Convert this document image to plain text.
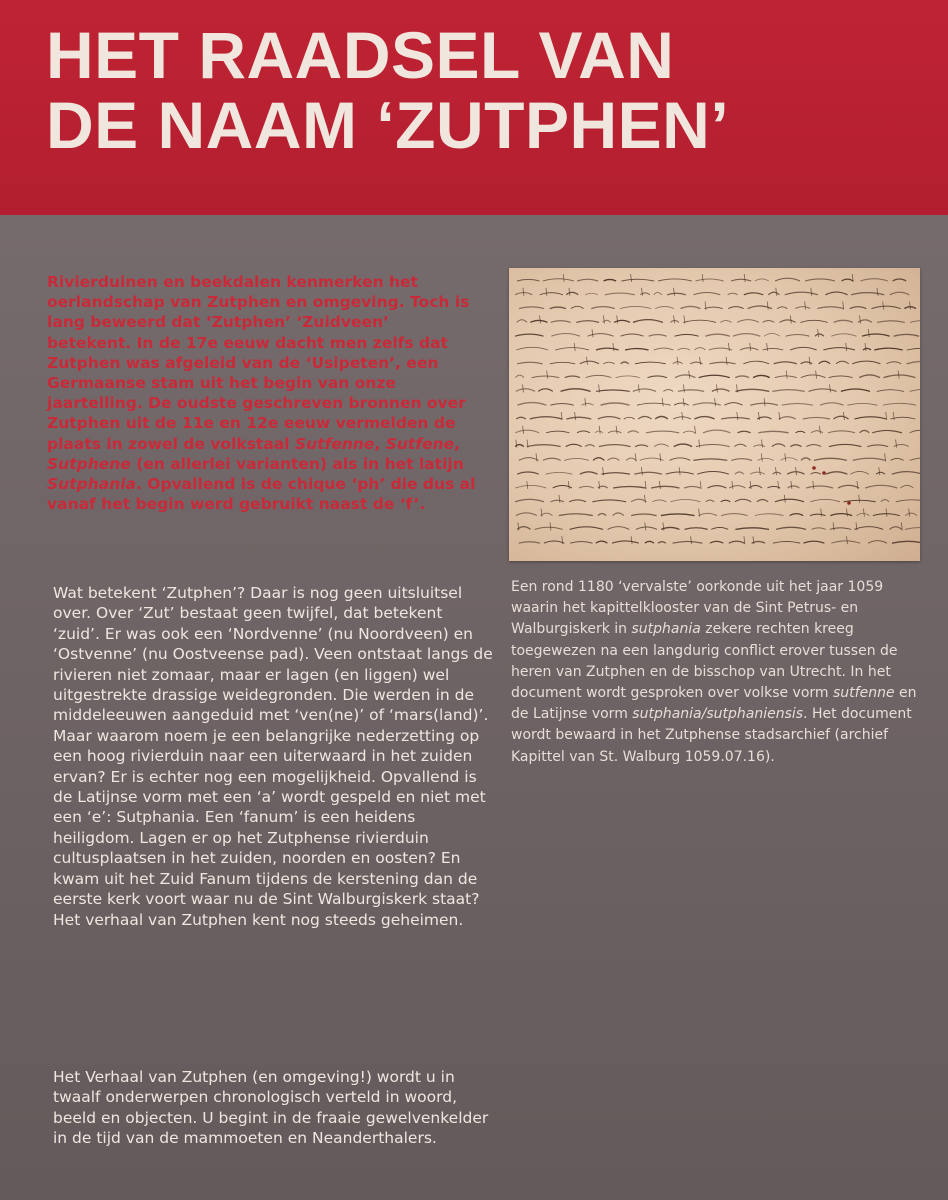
HET RAADSEL VAN
DE NAAM ‘ZUTPHEN’

Rivierduinen en beekdalen kenmerken het oerlandschap van Zutphen en omgeving. Toch is lang beweerd dat ‘Zutphen’ ‘Zuidveen’ betekent. In de 17e eeuw dacht men zelfs dat Zutphen was afgeleid van de ‘Usipeten’, een Germaanse stam uit het begin van onze jaartelling. De oudste geschreven bronnen over Zutphen uit de 11e en 12e eeuw vermelden de plaats in zowel de volkstaal Sutfenne, Sutfene, Sutphene (en allerlei varianten) als in het latijn Sutphania. Opvallend is de chique ‘ph’ die dus al vanaf het begin werd gebruikt naast de ‘f’.

Wat betekent ‘Zutphen’? Daar is nog geen uitsluitsel over. Over ‘Zut’ bestaat geen twijfel, dat betekent ‘zuid’. Er was ook een ‘Nordvenne’ (nu Noordveen) en ‘Ostvenne’ (nu Oostveense pad). Veen ontstaat langs de rivieren niet zomaar, maar er lagen (en liggen) wel uitgestrekte drassige weidegronden. Die werden in de middeleeuwen aangeduid met ‘ven(ne)’ of ‘mars(land)’. Maar waarom noem je een belangrijke nederzetting op een hoog rivierduin naar een uiterwaard in het zuiden ervan? Er is echter nog een mogelijkheid. Opvallend is de Latijnse vorm met een ‘a’ wordt gespeld en niet met een ‘e’: Sutphania. Een ‘fanum’ is een heidens heiligdom. Lagen er op het Zutphense rivierduin cultusplaatsen in het zuiden, noorden en oosten? En kwam uit het Zuid Fanum tijdens de kerstening dan de eerste kerk voort waar nu de Sint Walburgiskerk staat? Het verhaal van Zutphen kent nog steeds geheimen.

Het Verhaal van Zutphen (en omgeving!) wordt u in twaalf onderwerpen chronologisch verteld in woord, beeld en objecten. U begint in de fraaie gewelvenkelder in de tijd van de mammoeten en Neanderthalers.

Een rond 1180 ‘vervalste’ oorkonde uit het jaar 1059 waarin het kapittelklooster van de Sint Petrus- en Walburgiskerk in sutphania zekere rechten kreeg toegewezen na een langdurig conflict erover tussen de heren van Zutphen en de bisschop van Utrecht. In het document wordt gesproken over volkse vorm sutfenne en de Latijnse vorm sutphania/sutphaniensis. Het document wordt bewaard in het Zutphense stadsarchief (archief Kapittel van St. Walburg 1059.07.16).
